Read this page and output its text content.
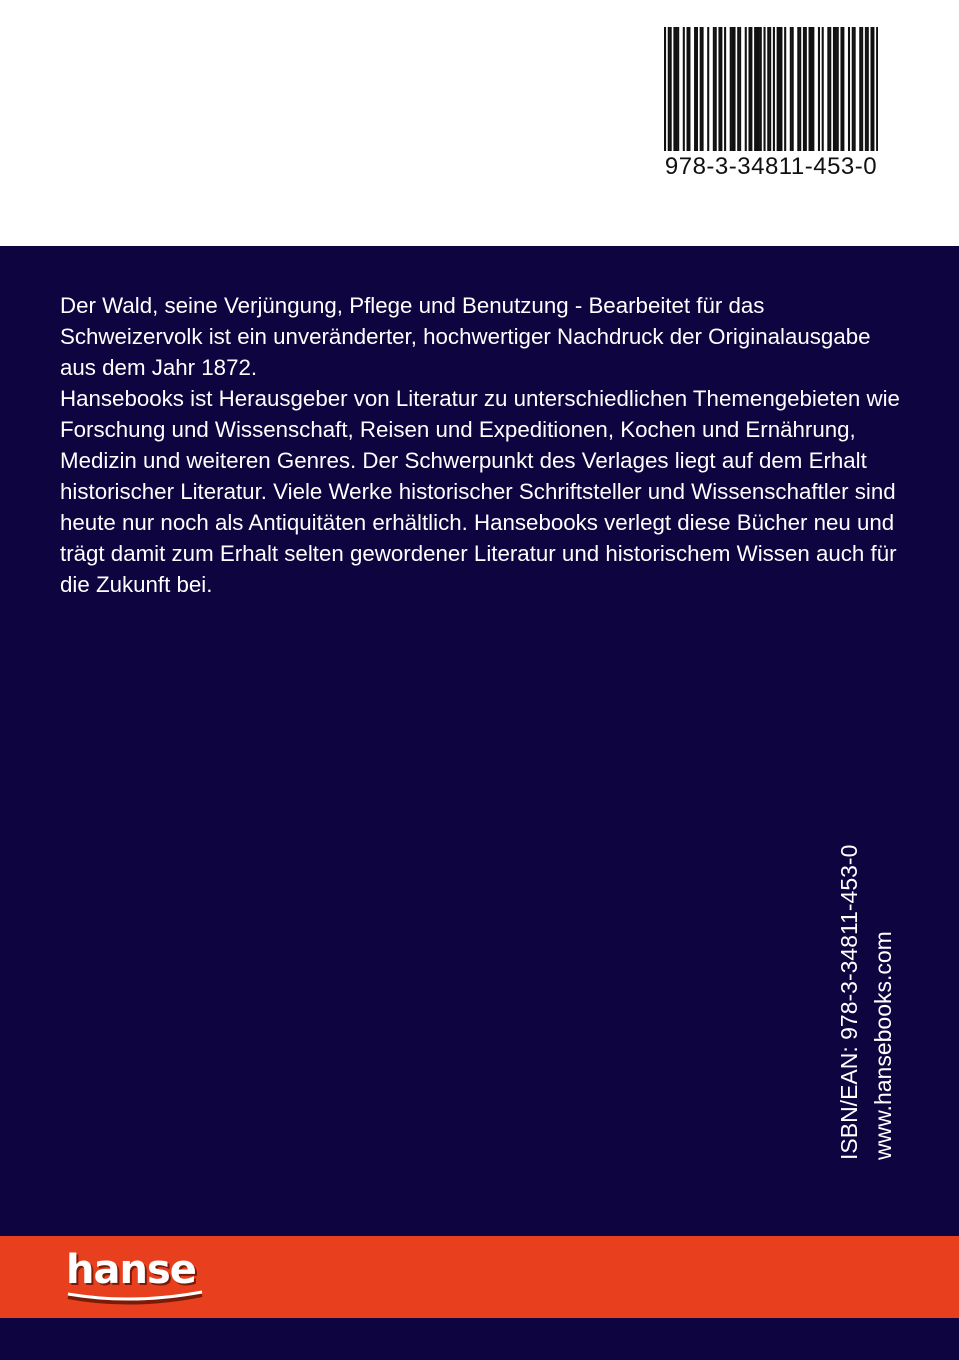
978-3-34811-453-0

Der Wald, seine Verjüngung, Pflege und Benutzung - Bearbeitet für das Schweizervolk ist ein unveränderter, hochwertiger Nachdruck der Originalausgabe aus dem Jahr 1872.

Hansebooks ist Herausgeber von Literatur zu unterschiedlichen Themengebieten wie Forschung und Wissenschaft, Reisen und Expeditionen, Kochen und Ernährung, Medizin und weiteren Genres. Der Schwerpunkt des Verlages liegt auf dem Erhalt historischer Literatur. Viele Werke historischer Schriftsteller und Wissenschaftler sind heute nur noch als Antiquitäten erhältlich. Hansebooks verlegt diese Bücher neu und trägt damit zum Erhalt selten gewordener Literatur und historischem Wissen auch für die Zukunft bei.

ISBN/EAN: 978-3-34811-453-0 www.hansebooks.com
hanse
